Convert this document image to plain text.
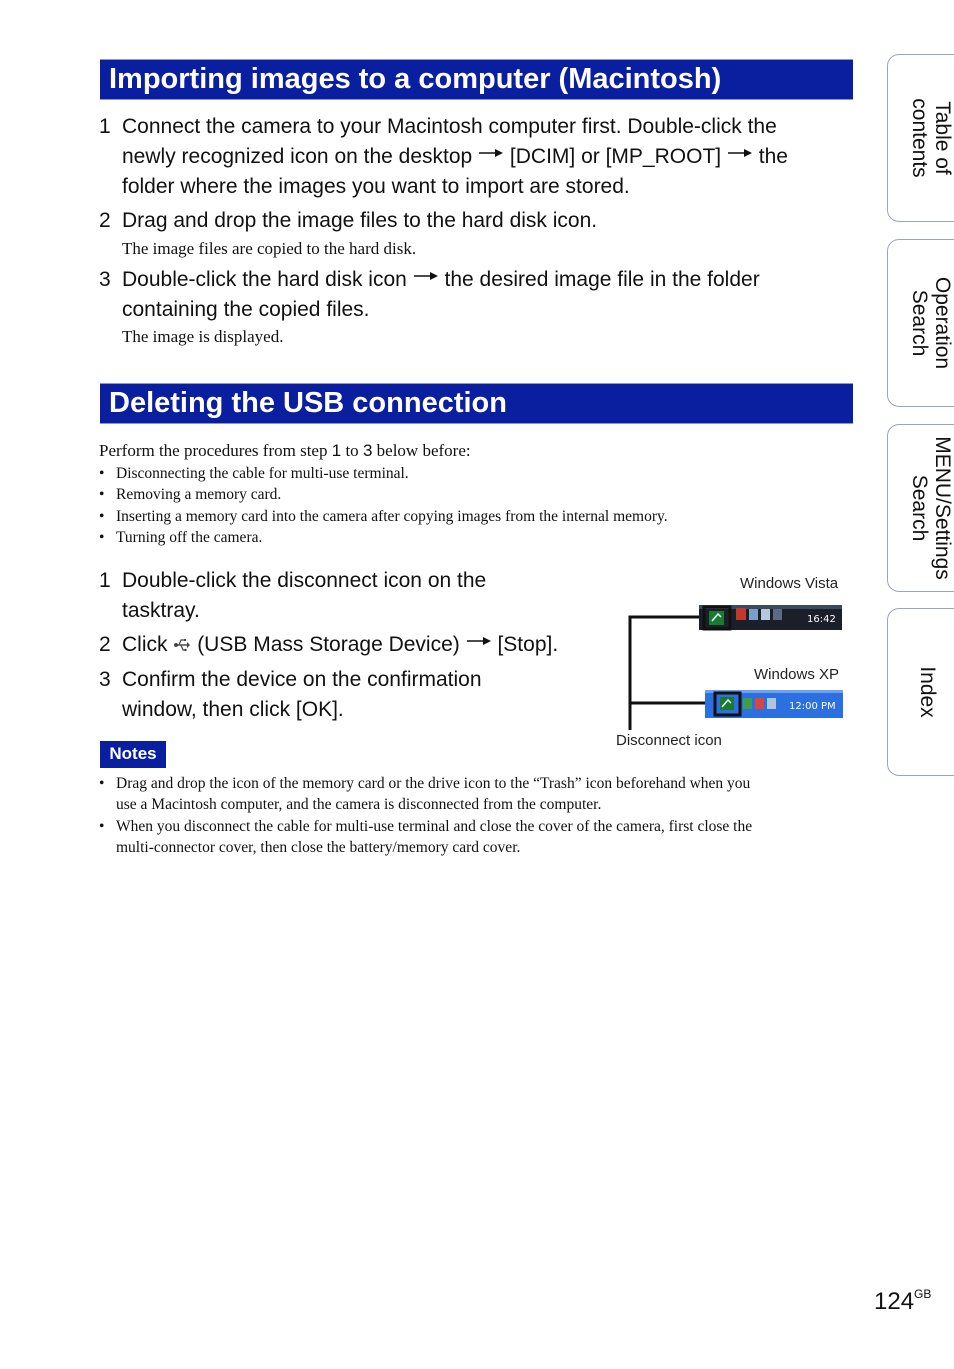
Importing images to a computer (Macintosh)
1 Connect the camera to your Macintosh computer first. Double-click the
newly recognized icon on the desktop [DCIM] or [MP_ROOT] the
folder where the images you want to import are stored.
2 Drag and drop the image files to the hard disk icon.
The image files are copied to the hard disk.
3 Double-click the hard disk icon the desired image file in the folder
containing the copied files.
The image is displayed.
Deleting the USB connection
Perform the procedures from step 1 to 3 below before:
• Disconnecting the cable for multi-use terminal.
• Removing a memory card.
• Inserting a memory card into the camera after copying images from the internal memory.
• Turning off the camera.
1 Double-click the disconnect icon on the
tasktray.
2 Click (USB Mass Storage Device) [Stop].
3 Confirm the device on the confirmation
window, then click [OK].
Windows Vista
Windows XP
Disconnect icon
16:42
12:00 PM
Notes
• Drag and drop the icon of the memory card or the drive icon to the “Trash” icon beforehand when you
use a Macintosh computer, and the camera is disconnected from the computer.
• When you disconnect the cable for multi-use terminal and close the cover of the camera, first close the
multi-connector cover, then close the battery/memory card cover.
Table of
contents
Operation
Search
MENU/Settings
Search
Index
$124^{GB}$
